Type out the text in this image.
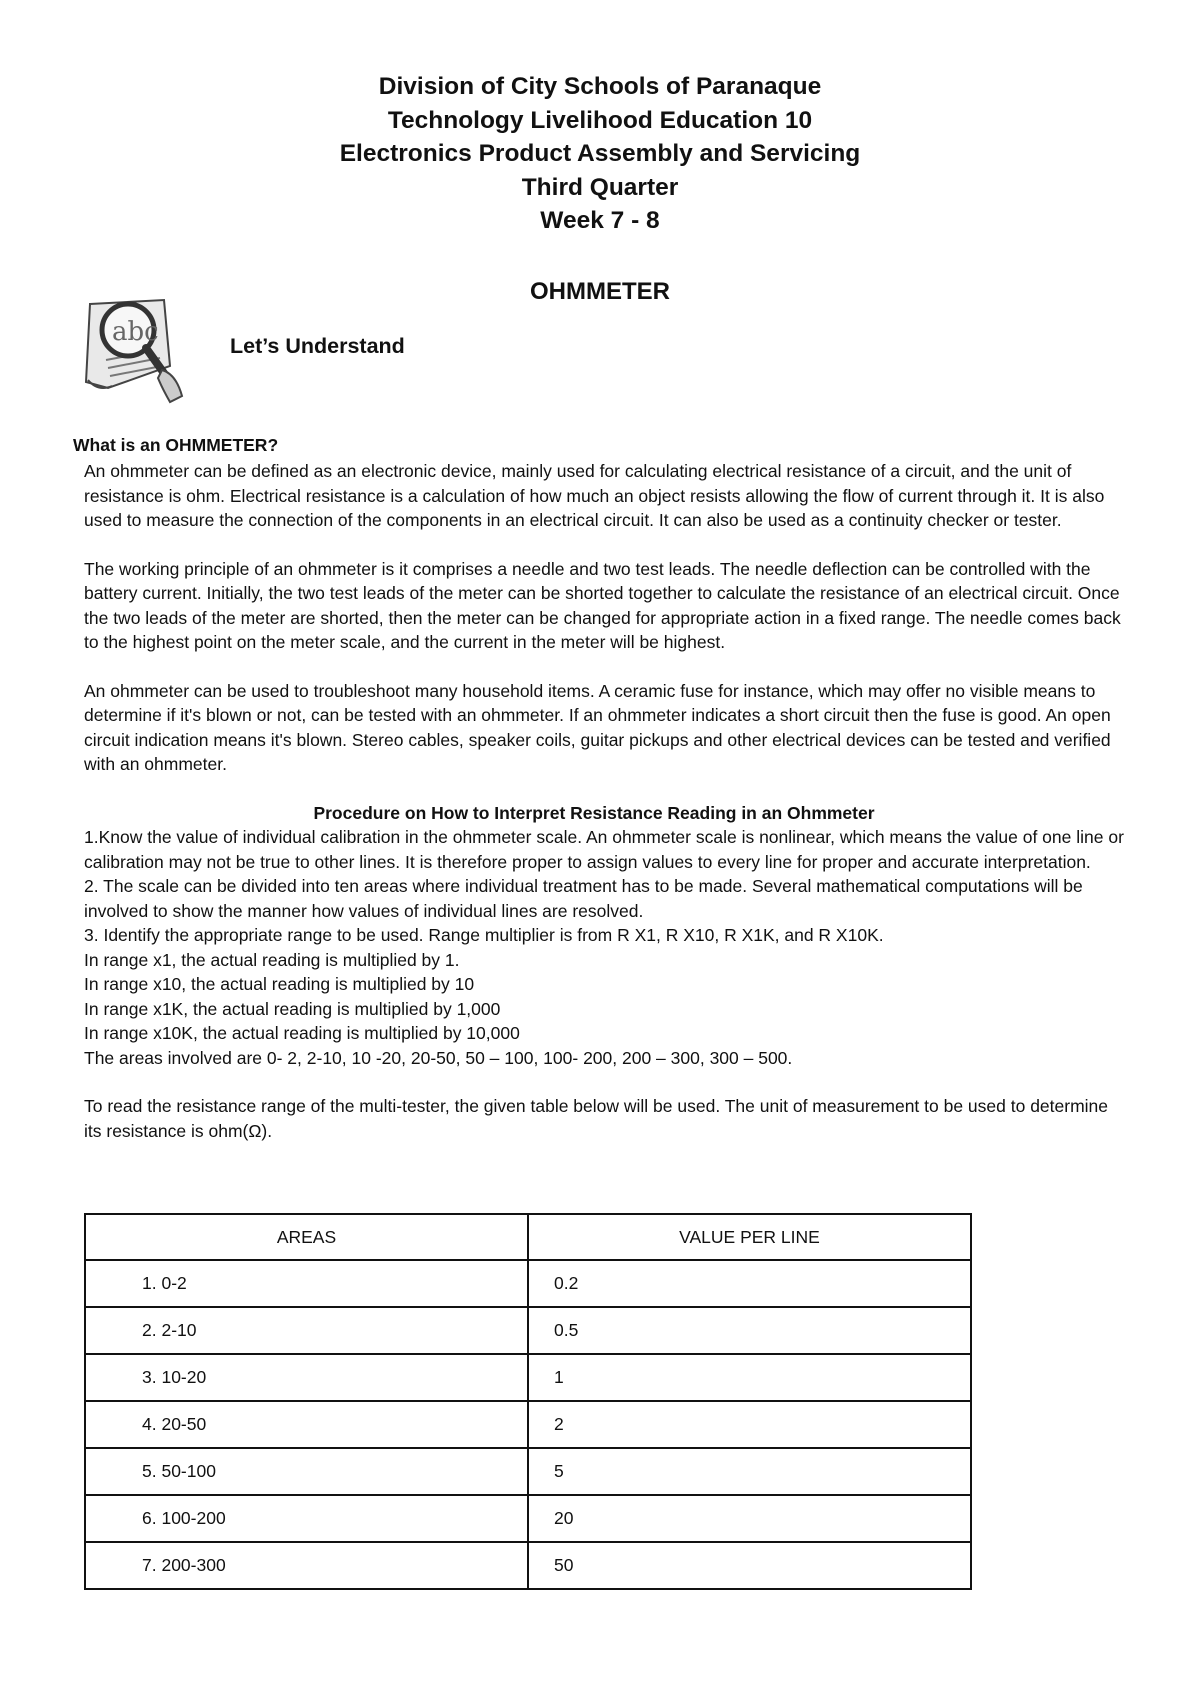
Division of City Schools of Paranaque
Technology Livelihood Education 10
Electronics Product Assembly and Servicing
Third Quarter
Week 7 - 8
OHMMETER
abc	Let’s Understand
What is an OHMMETER?

An ohmmeter can be defined as an electronic device, mainly used for calculating electrical resistance of a circuit, and the unit of resistance is ohm. Electrical resistance is a calculation of how much an object resists allowing the flow of current through it. It is also used to measure the connection of the components in an electrical circuit. It can also be used as a continuity checker or tester.

The working principle of an ohmmeter is it comprises a needle and two test leads. The needle deflection can be controlled with the battery current. Initially, the two test leads of the meter can be shorted together to calculate the resistance of an electrical circuit. Once the two leads of the meter are shorted, then the meter can be changed for appropriate action in a fixed range. The needle comes back to the highest point on the meter scale, and the current in the meter will be highest.

An ohmmeter can be used to troubleshoot many household items. A ceramic fuse for instance, which may offer no visible means to determine if it's blown or not, can be tested with an ohmmeter. If an ohmmeter indicates a short circuit then the fuse is good. An open circuit indication means it's blown. Stereo cables, speaker coils, guitar pickups and other electrical devices can be tested and verified with an ohmmeter.

Procedure on How to Interpret Resistance Reading in an Ohmmeter
1.Know the value of individual calibration in the ohmmeter scale. An ohmmeter scale is nonlinear, which means the value of one line or calibration may not be true to other lines. It is therefore proper to assign values to every line for proper and accurate interpretation.
2. The scale can be divided into ten areas where individual treatment has to be made. Several mathematical computations will be involved to show the manner how values of individual lines are resolved.
3. Identify the appropriate range to be used. Range multiplier is from R X1, R X10, R X1K, and R X10K.
In range x1, the actual reading is multiplied by 1.
In range x10, the actual reading is multiplied by 10
In range x1K, the actual reading is multiplied by 1,000
In range x10K, the actual reading is multiplied by 10,000
The areas involved are 0- 2, 2-10, 10 -20, 20-50, 50 – 100, 100- 200, 200 – 300, 300 – 500.
To read the resistance range of the multi-tester, the given table below will be used. The unit of measurement to be used to determine its resistance is ohm(Ω).
AREAS	VALUE PER LINE
1. 0-2	0.2
2. 2-10	0.5
3. 10-20	1
4. 20-50	2
5. 50-100	5
6. 100-200	20
7. 200-300	50
